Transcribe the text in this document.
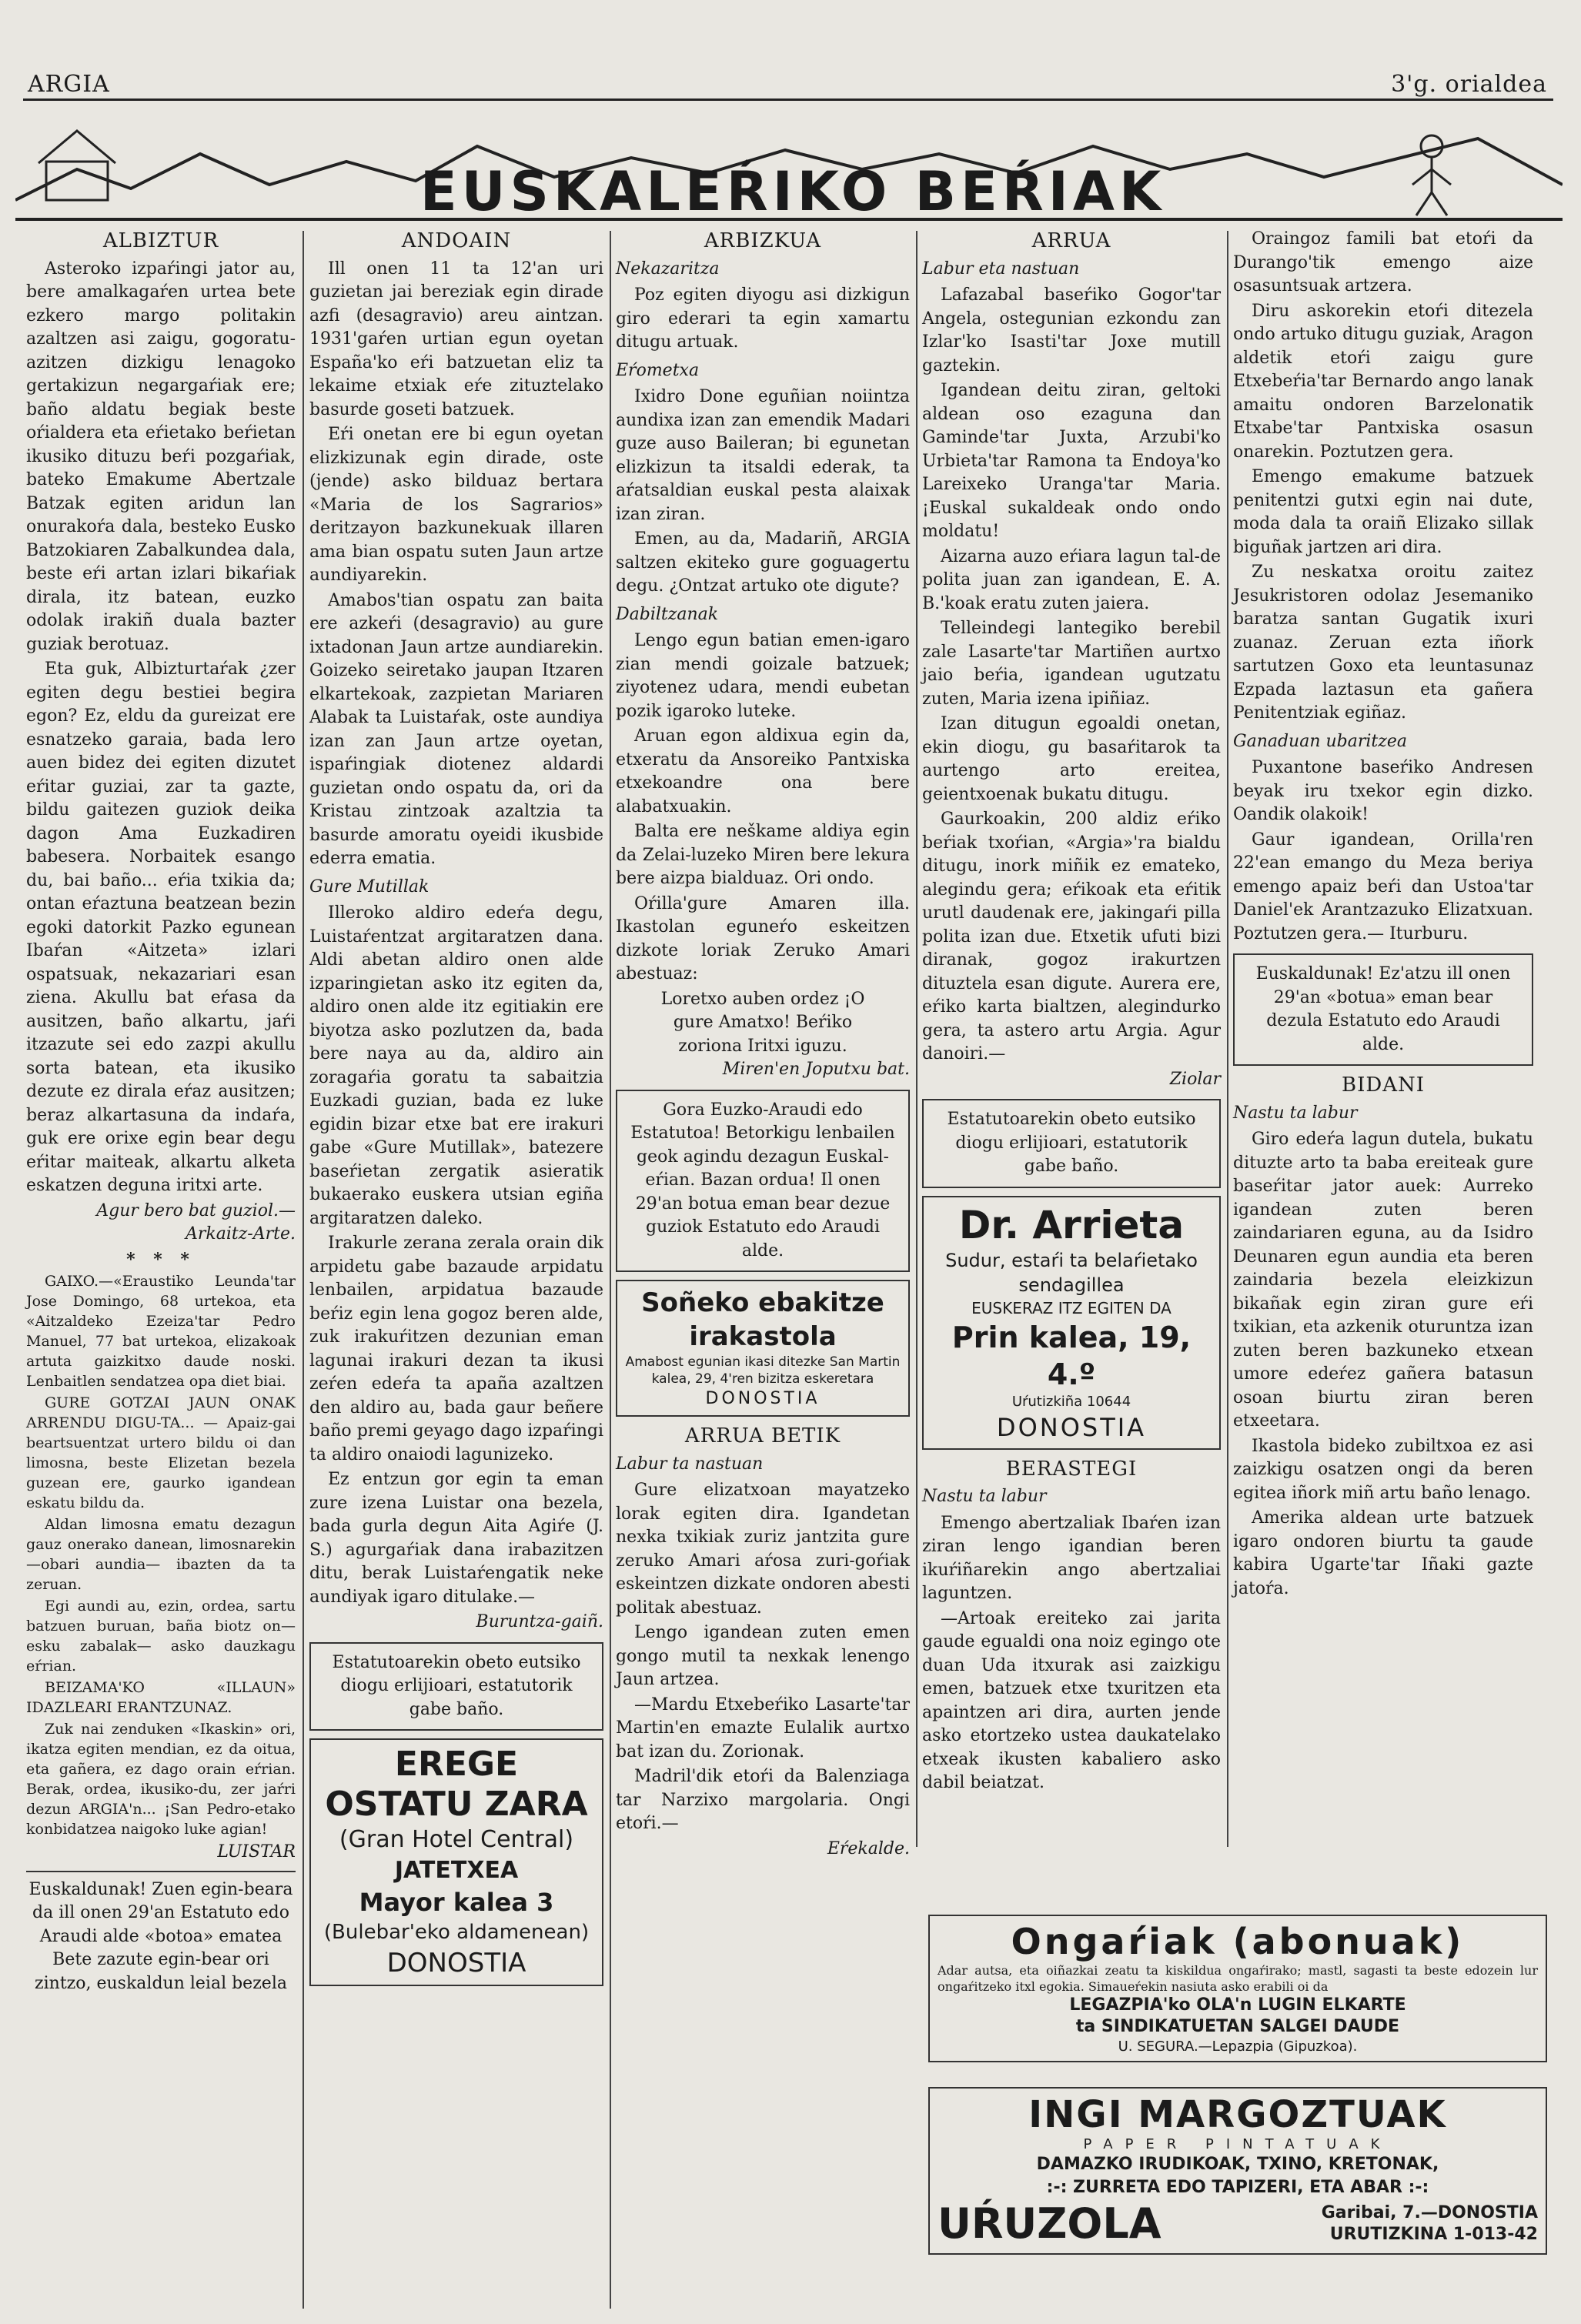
ARGIA	3'g. orialdea
EUSKALEŔIKO BEŔIAK
ALBIZTUR

Asteroko izpaŕingi jator au, bere amalkagaŕen urtea bete ezkero margo politakin azaltzen asi zaigu, gogoratu-azitzen dizkigu lenagoko gertakizun negargaŕiak ere; baño aldatu begiak beste oŕialdera eta eŕietako beŕietan ikusiko dituzu beŕi pozgaŕiak, bateko Emakume Abertzale Batzak egiten aridun lan onurakoŕa dala, besteko Eusko Batzokiaren Zabalkundea dala, beste eŕi artan izlari bikaŕiak dirala, itz batean, euzko odolak irakiñ duala bazter guziak berotuaz.

Eta guk, Albizturtaŕak ¿zer egiten degu bestiei begira egon? Ez, eldu da gureizat ere esnatzeko garaia, bada lero auen bidez dei egiten dizutet eŕitar guziai, zar ta gazte, bildu gaitezen guziok deika dagon Ama Euzkadiren babesera. Norbaitek esango du, bai baño... eŕia txikia da; ontan eŕaztuna beatzean bezin egoki datorkit Pazko egunean Ibaŕan «Aitzeta» izlari ospatsuak, nekazariari esan ziena. Akullu bat eŕasa da ausitzen, baño alkartu, jaŕi itzazute sei edo zazpi akullu sorta batean, eta ikusiko dezute ez dirala eŕaz ausitzen; beraz alkartasuna da indaŕa, guk ere orixe egin bear degu eŕitar maiteak, alkartu alketa eskatzen deguna iritxi arte.

Agur bero bat guziol.— Arkaitz-Arte.

* * *

GAIXO.—«Eraustiko Leunda'tar Jose Domingo, 68 urtekoa, eta «Aitzaldeko Ezeiza'tar Pedro Manuel, 77 bat urtekoa, elizakoak artuta gaizkitxo daude noski. Lenbaitlen sendatzea opa diet biai.

GURE GOTZAI JAUN ONAK ARRENDU DIGU-TA... — Apaiz-gai beartsuentzat urtero bildu oi dan limosna, beste Elizetan bezela guzean ere, gaurko igandean eskatu bildu da.

Aldan limosna ematu dezagun gauz onerako danean, limosnarekin —obari aundia— ibazten da ta zeruan.

Egi aundi au, ezin, ordea, sartu batzuen buruan, baña biotz on—esku zabalak— asko dauzkagu eŕrian.

BEIZAMA'KO «ILLAUN» IDAZLEARI ERANTZUNAZ.

Zuk nai zenduken «Ikaskin» ori, ikatza egiten mendian, ez da oitua, eta gañera, ez dago orain eŕrian. Berak, ordea, ikusiko-du, zer jaŕri dezun ARGIA'n... ¡San Pedro-etako konbidatzea naigoko luke agian!

LUISTAR
Euskaldunak! Zuen egin-beara da ill onen 29'an Estatuto edo Araudi alde «botoa» ematea
Bete zazute egin-bear ori zintzo, euskaldun leial bezela
ANDOAIN

Ill onen 11 ta 12'an uri guzietan jai bereziak egin dirade azfi (desagravio) areu aintzan. 1931'gaŕen urtian egun oyetan España'ko eŕi batzuetan eliz ta lekaime etxiak eŕe zituztelako basurde goseti batzuek.

Eŕi onetan ere bi egun oyetan elizkizunak egin dirade, oste (jende) asko bilduaz bertara «Maria de los Sagrarios» deritzayon bazkunekuak illaren ama bian ospatu suten Jaun artze aundiyarekin.

Amabos'tian ospatu zan baita ere azkeŕi (desagravio) au gure ixtadonan Jaun artze aundiarekin. Goizeko seiretako jaupan Itzaren elkartekoak, zazpietan Mariaren Alabak ta Luistaŕak, oste aundiya izan zan Jaun artze oyetan, ispaŕingiak diotenez aldardi guzietan ondo ospatu da, ori da Kristau zintzoak azaltzia ta basurde amoratu oyeidi ikusbide ederra ematia.

Gure Mutillak

Illeroko aldiro edeŕa degu, Luistaŕentzat argitaratzen dana. Aldi abetan aldiro onen alde izparingietan asko itz egiten da, aldiro onen alde itz egitiakin ere biyotza asko pozlutzen da, bada bere naya au da, aldiro ain zoragaŕia goratu ta sabaitzia Euzkadi guzian, bada ez luke egidin bizar etxe bat ere irakuri gabe «Gure Mutillak», batezere baseŕietan zergatik asieratik bukaerako euskera utsian egiña argitaratzen daleko.

Irakurle zerana zerala orain dik arpidetu gabe bazaude arpidatu lenbailen, arpidatua bazaude beŕiz egin lena gogoz beren alde, zuk irakuŕitzen dezunian eman lagunai irakuri dezan ta ikusi zeŕen edeŕa ta apaña azaltzen den aldiro au, bada gaur beñere baño premi geyago dago izpaŕingi ta aldiro onaiodi lagunizeko.

Ez entzun gor egin ta eman zure izena Luistar ona bezela, bada gurla degun Aita Agiŕe (J. S.) agurgaŕiak dana irabazitzen ditu, berak Luistaŕengatik neke aundiyak igaro ditulake.—

Buruntza-gaiñ.
Estatutoarekin obeto eutsiko diogu erlijioari, estatutorik gabe baño.
EREGE OSTATU ZARA
(Gran Hotel Central)
JATETXEA
Mayor kalea 3
(Bulebar'eko aldamenean)
DONOSTIA
ARBIZKUA
Nekazaritza

Poz egiten diyogu asi dizkigun giro ederari ta egin xamartu ditugu artuak.

Eŕometxa

Ixidro Done eguñian noiintza aundixa izan zan emendik Madari guze auso Baileran; bi egunetan elizkizun ta itsaldi ederak, ta aŕatsaldian euskal pesta alaixak izan ziran.

Emen, au da, Madariñ, ARGIA saltzen ekiteko gure goguagertu degu. ¿Ontzat artuko ote digute?

Dabiltzanak

Lengo egun batian emen-igaro zian mendi goizale batzuek; ziyotenez udara, mendi eubetan pozik igaroko luteke.

Aruan egon aldixua egin da, etxeratu da Ansoreiko Pantxiska etxekoandre ona bere alabatxuakin.

Balta ere neškame aldiya egin da Zelai-luzeko Miren bere lekura bere aizpa bialduaz. Ori ondo.

Oŕilla'gure Amaren illa. Ikastolan eguneŕo eskeitzen dizkote loriak Zeruko Amari abestuaz:

Loretxo auben ordez ¡O gure Amatxo! Beŕiko zoriona Iritxi iguzu.
Miren'en Joputxu bat.
Gora Euzko-Araudi edo Estatutoa! Betorkigu lenbailen geok agindu dezagun Euskal-eŕian. Bazan ordua! Il onen 29'an botua eman bear dezue guziok Estatuto edo Araudi alde.
Soñeko ebakitze irakastola
Amabost egunian ikasi ditezke San Martin kalea, 29, 4'ren bizitza eskeretara
DONOSTIA
ARRUA BETIK
Labur ta nastuan

Gure elizatxoan mayatzeko lorak egiten dira. Igandetan nexka txikiak zuriz jantzita gure zeruko Amari aŕosa zuri-goŕiak eskeintzen dizkate ondoren abesti politak abestuaz.

Lengo igandean zuten emen gongo mutil ta nexkak lenengo Jaun artzea.

—Mardu Etxebeŕiko Lasarte'tar Martin'en emazte Eulalik aurtxo bat izan du. Zorionak.

Madril'dik etoŕi da Balenziaga tar Narzixo margolaria. Ongi etoŕi.—

Eŕekalde.
ARRUA
Labur eta nastuan

Lafazabal baseŕiko Gogor'tar Angela, ostegunian ezkondu zan Izlar'ko Isasti'tar Joxe mutill gaztekin.

Igandean deitu ziran, geltoki aldean oso ezaguna dan Gaminde'tar Juxta, Arzubi'ko Urbieta'tar Ramona ta Endoya'ko Lareixeko Uranga'tar Maria. ¡Euskal sukaldeak ondo ondo moldatu!

Aizarna auzo eŕiara lagun tal-de polita juan zan igandean, E. A. B.'koak eratu zuten jaiera.

Telleindegi lantegiko berebil zale Lasarte'tar Martiñen aurtxo jaio beŕia, igandean ugutzatu zuten, Maria izena ipiñiaz.

Izan ditugun egoaldi onetan, ekin diogu, gu basaŕitarok ta aurtengo arto ereitea, geientxoenak bukatu ditugu.

Gaurkoakin, 200 aldiz eŕiko beŕiak txoŕian, «Argia»'ra bialdu ditugu, inork miñik ez emateko, alegindu gera; eŕikoak eta eŕitik urutl daudenak ere, jakingaŕi pilla polita izan due. Etxetik ufuti bizi diranak, gogoz irakurtzen dituztela esan digute. Aurera ere, eŕiko karta bialtzen, alegindurko gera, ta astero artu Argia. Agur danoiri.—

Ziolar
Estatutoarekin obeto eutsiko diogu erlijioari, estatutorik gabe baño.
Dr. Arrieta
Sudur, estaŕi ta belaŕietako sendagillea
EUSKERAZ ITZ EGITEN DA
Prin kalea, 19, 4.º
Uŕutizkiña 10644
DONOSTIA
BERASTEGI
Nastu ta labur

Emengo abertzaliak Ibaŕen izan ziran lengo igandian beren ikuŕiñarekin ango abertzaliai laguntzen.

—Artoak ereiteko zai jarita gaude egualdi ona noiz egingo ote duan Uda itxurak asi zaizkigu emen, batzuek etxe txuritzen eta apaintzen ari dira, aurten jende asko etortzeko ustea daukatelako etxeak ikusten kabaliero asko dabil beiatzat.

Oraingoz famili bat etoŕi da Durango'tik emengo aize osasuntsuak artzera.

Diru askorekin etoŕi ditezela ondo artuko ditugu guziak, Aragon aldetik etoŕi zaigu gure Etxebeŕia'tar Bernardo ango lanak amaitu ondoren Barzelonatik Etxabe'tar Pantxiska osasun onarekin. Poztutzen gera.

Emengo emakume batzuek penitentzi gutxi egin nai dute, moda dala ta oraiñ Elizako sillak biguñak jartzen ari dira.

Zu neskatxa oroitu zaitez Jesukristoren odolaz Jesemaniko baratza santan Gugatik ixuri zuanaz. Zeruan ezta iñork sartutzen Goxo eta leuntasunaz Ezpada laztasun eta gañera Penitentziak egiñaz.

Ganaduan ubaritzea

Puxantone baseŕiko Andresen beyak iru txekor egin dizko. Oandik olakoik!

Gaur igandean, Orilla'ren 22'ean emango du Meza beriya emengo apaiz beŕi dan Ustoa'tar Daniel'ek Arantzazuko Elizatxuan. Poztutzen gera.— Iturburu.

Euskaldunak! Ez'atzu ill onen 29'an «botua» eman bear dezula Estatuto edo Araudi alde.
BIDANI
Nastu ta labur

Giro edeŕa lagun dutela, bukatu dituzte arto ta baba ereiteak gure baseŕitar jator auek: Aurreko igandean zuten beren zaindariaren eguna, au da Isidro Deunaren egun aundia eta beren zaindaria bezela eleizkizun bikañak egin ziran gure eŕi txikian, eta azkenik oturuntza izan zuten beren bazkuneko etxean umore edeŕez gañera batasun osoan biurtu ziran beren etxeetara.

Ikastola bideko zubiltxoa ez asi zaizkigu osatzen ongi da beren egitea iñork miñ artu baño lenago.

Amerika aldean urte batzuek igaro ondoren biurtu ta gaude kabira Ugarte'tar Iñaki gazte jatoŕa.

Ongaŕiak (abonuak)
Adar autsa, eta oiñazkai zeatu ta kiskildua ongaŕirako; mastl, sagasti ta beste edozein lur ongaŕitzeko itxl egokia. Simaueŕekin nasiuta asko erabili oi da
LEGAZPIA'ko OLA'n LUGIN ELKARTE
ta SINDIKATUETAN SALGEI DAUDE
U. SEGURA.—Lepazpia (Gipuzkoa).
INGI MARGOZTUAK
PAPER PINTATUAK
DAMAZKO IRUDIKOAK, TXINO, KRETONAK,
:-: ZURRETA EDO TAPIZERI, ETA ABAR :-:
UŔUZOLA	Garibai, 7.—DONOSTIA
URUTIZKINA 1-013-42
